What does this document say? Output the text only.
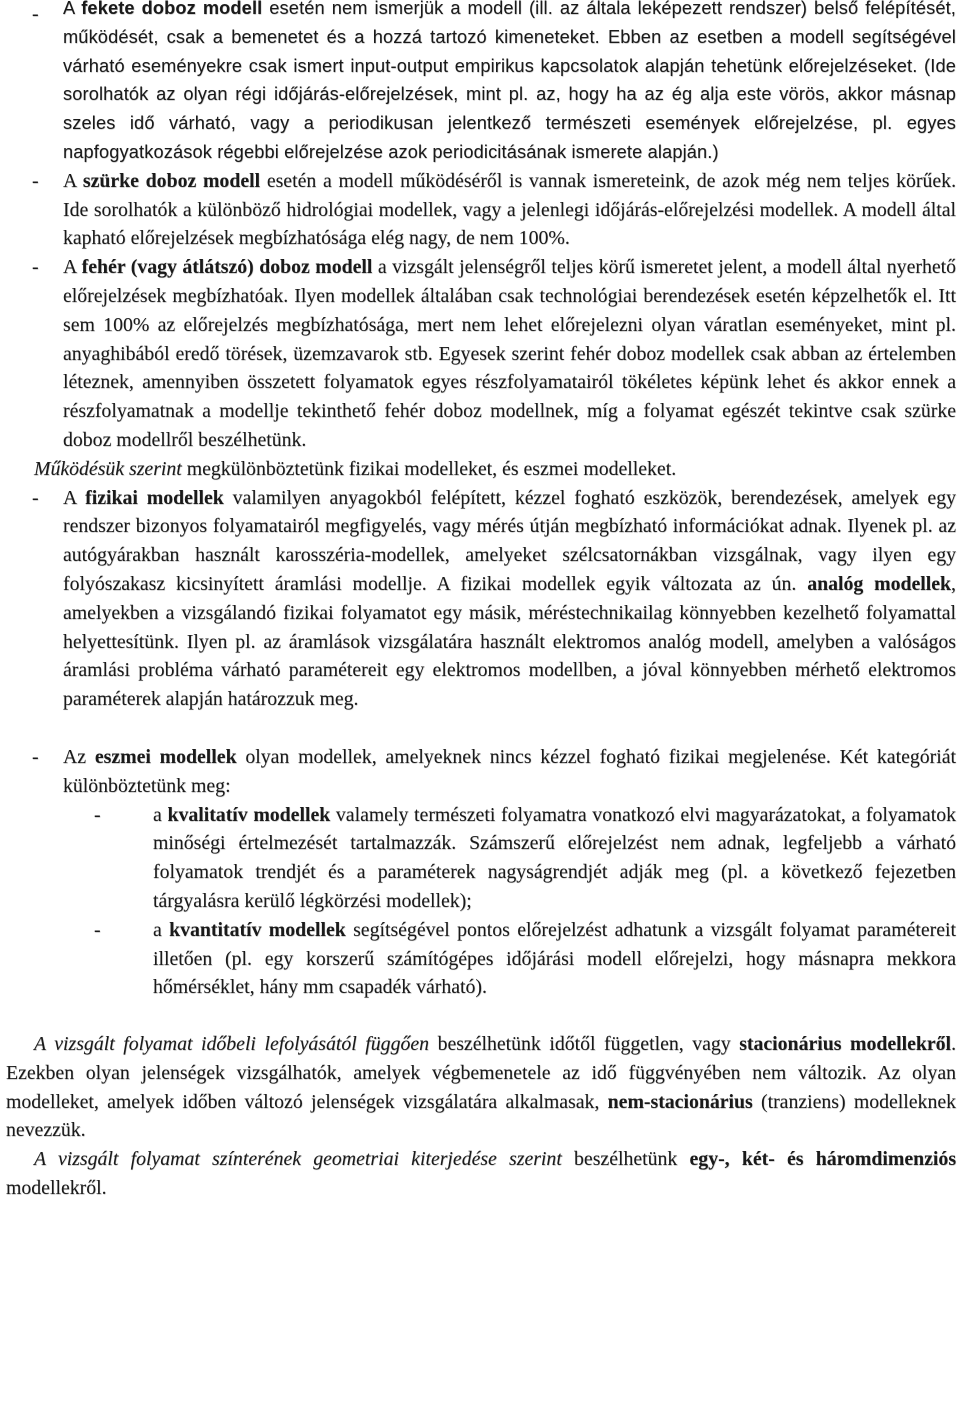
-	A fekete doboz modell esetén nem ismerjük a modell (ill. az általa leképezett rendszer) belső felépítését, működését, csak a bemenetet és a hozzá tartozó kimeneteket. Ebben az esetben a modell segítségével várható eseményekre csak ismert input-output empirikus kapcsolatok alapján tehetünk előrejelzéseket. (Ide sorolhatók az olyan régi időjárás-előrejelzések, mint pl. az, hogy ha az ég alja este vörös, akkor másnap szeles idő várható, vagy a periodikusan jelentkező természeti események előrejelzése, pl. egyes napfogyatkozások régebbi előrejelzése azok periodicitásának ismerete alapján.)
-	A szürke doboz modell esetén a modell működéséről is vannak ismereteink, de azok még nem teljes körűek. Ide sorolhatók a különböző hidrológiai modellek, vagy a jelenlegi időjárás-előrejelzési modellek. A modell által kapható előrejelzések megbízhatósága elég nagy, de nem 100%.
-	A fehér (vagy átlátszó) doboz modell a vizsgált jelenségről teljes körű ismeretet jelent, a modell által nyerhető előrejelzések megbízhatóak. Ilyen modellek általában csak technológiai berendezések esetén képzelhetők el. Itt sem 100% az előrejelzés megbízhatósága, mert nem lehet előrejelezni olyan váratlan eseményeket, mint pl. anyaghibából eredő törések, üzemzavarok stb. Egyesek szerint fehér doboz modellek csak abban az értelemben léteznek, amennyiben összetett folyamatok egyes részfolyamatairól tökéletes képünk lehet és akkor ennek a részfolyamatnak a modellje tekinthető fehér doboz modellnek, míg a folyamat egészét tekintve csak szürke doboz modellről beszélhetünk.
Működésük szerint megkülönböztetünk fizikai modelleket, és eszmei modelleket.
-	A fizikai modellek valamilyen anyagokból felépített, kézzel fogható eszközök, berendezések, amelyek egy rendszer bizonyos folyamatairól megfigyelés, vagy mérés útján megbízható információkat adnak. Ilyenek pl. az autógyárakban használt karosszéria-modellek, amelyeket szélcsatornákban vizsgálnak, vagy ilyen egy folyószakasz kicsinyített áramlási modellje. A fizikai modellek egyik változata az ún. analóg modellek, amelyekben a vizsgálandó fizikai folyamatot egy másik, méréstechnikailag könnyebben kezelhető folyamattal helyettesítünk. Ilyen pl. az áramlások vizsgálatára használt elektromos analóg modell, amelyben a valóságos áramlási probléma várható paramétereit egy elektromos modellben, a jóval könnyebben mérhető elektromos paraméterek alapján határozzuk meg.
-	Az eszmei modellek olyan modellek, amelyeknek nincs kézzel fogható fizikai megjelenése. Két kategóriát különböztetünk meg:
-	a kvalitatív modellek valamely természeti folyamatra vonatkozó elvi magyarázatokat, a folyamatok minőségi értelmezését tartalmazzák. Számszerű előrejelzést nem adnak, legfeljebb a várható folyamatok trendjét és a paraméterek nagyságrendjét adják meg (pl. a következő fejezetben tárgyalásra kerülő légkörzési modellek);
-	a kvantitatív modellek segítségével pontos előrejelzést adhatunk a vizsgált folyamat paramétereit illetően (pl. egy korszerű számítógépes időjárási modell előrejelzi, hogy másnapra mekkora hőmérséklet, hány mm csapadék várható).
A vizsgált folyamat időbeli lefolyásától függően beszélhetünk időtől független, vagy stacionárius modellekről. Ezekben olyan jelenségek vizsgálhatók, amelyek végbemenetele az idő függvényében nem változik. Az olyan modelleket, amelyek időben változó jelenségek vizsgálatára alkalmasak, nem-stacionárius (tranziens) modelleknek nevezzük.
A vizsgált folyamat színterének geometriai kiterjedése szerint beszélhetünk egy-, két- és háromdimenziós modellekről.
